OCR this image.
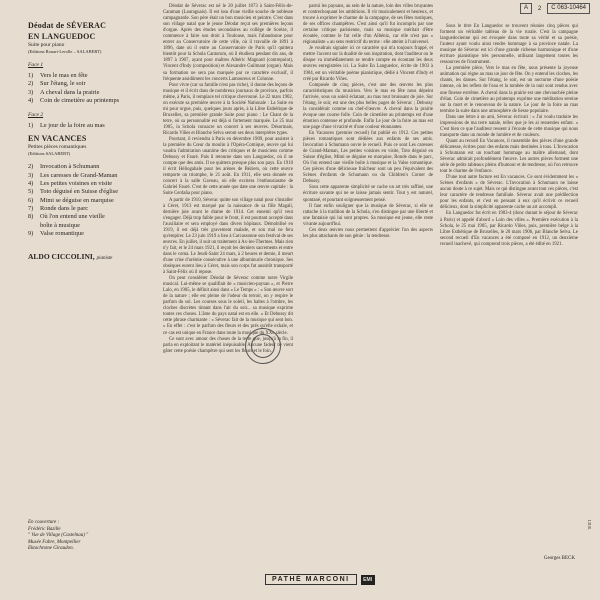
A	2	C 063-10464
Déodat de SÉVERAC
EN LANGUEDOC
Suite pour piano
(Editions Rouart-Lerolle – SALABERT)
Face 1
1)	Vers le mas en fête
2)	Sur l'étang, le soir
3)	A cheval dans la prairie
4)	Coin de cimetière au printemps
Face 2
1)	Le jour de la foire au mas
EN VACANCES
Petites pièces romantiques
(Editions SALABERT)
2)	Invocation à Schumann
3)	Les caresses de Grand-Maman
4)	Les petites voisines en visite
5)	Toto déguisé en Suisse d'église
6)	Mimi se déguise en marquise
7)	Ronde dans le parc
8)	Où l'on entend une vieille
boîte à musique
9)	Valse romantique
ALDO CICCOLINI, pianiste
En couverture :
Frédéric Bazille
" Vue de Village (Castelnau) "
Musée Fabre, Montpellier
Ektachrome Giraudon.

Déodat de Séverac est né le 20 juillet 1873 à Saint-Félix-de-Caraman (Lauraguais). Il est issu d'une vieille souche de noblesse campagnarde. Son père était un bon musicien et peintre. C'est dans son village natal que le jeune Déodat reçut ses premières leçons d'orgue. Après des études secondaires au collège de Sorèze, il commence à faire son droit à Toulouse, mais l'abandonne pour entrer au Conservatoire de cette ville, où il travaille de 1891 à 1896, date où il entre au Conservatoire de Paris qu'il quittera bientôt pour la Schola Cantorum, où il étudiera pendant dix ans, de 1897 à 1907, ayant pour maîtres Albéric Magnard (contrepoint), Vincent d'Indy (composition) et Alexandre Guilmant (orgue). Mais sa formation ne sera pas marquée par ce caractère exclusif, il fréquente assidûment les concerts Lamoureux et Colonne.

Pour vivre (car sa famille n'est pas riche), il donne des leçons de musique et il écrit dans de nombreux journaux de province, parfois même, à Paris, il remplace tel critique chevronné. Le 22 mars 1902, on exécute sa première œuvre à la Société Nationale : La Suite en mi pour orgue, puis, quelques jours après, à la Libre Esthétique de Bruxelles, sa première grande Suite pour piano : Le Chant de la terre, où sa personnalité est déjà si fortement marquée. Le 25 mai 1905, la Schola consacre un concert à ses œuvres. Désormais, Ricardo Viñes et Blanche Selva seront ses deux interprètes types.

Pourtant, il reviendra à Paris en décembre 1909, pour assister à la première du Cœur du moulin à l'Opéra-Comique, œuvre qui lui vaudra l'admiration unanime des critiques et de musiciens comme Debussy et Fauré. Pais il retourne dans son Languedoc, où il ne compte que des amis. Il ne quittera presque plus son pays. En 1910 il écrit Héliogabale pour les arènes de Béziers, où cette œuvre remporte un triomphe, le 21 août. En 1911, elle sera donnée en concert à la salle Gaveau, où elle excitera l'enthousiasme de Gabriel Fauré. C'est de cette année que date une œuvre capitale : la Suite Cerdaña pour piano.

A partir de 1910, Séverac quitte son village natal pour s'installer à Céret, 1913 est marqué par la naissance de sa fille Magali, dernière joie avant le drame de 1914. Cet ennemi qu'il veut s'engager. Déjà trop faible pour le front, il est pourtant accepté dans l'auxiliaire et sera employé dans divers hôpitaux. Démobilisé en 1919, il est déjà très gravement malade, et son mal ne fera qu'empirer. Le 23 juin 1919 a lieu à Carcassonne son festival de ses œuvres. En juillet, il suit un traitement à Ax-les-Thermes. Mais rien n'y fait, et le 24 mars 1921, il reçoit les derniers sacrements et entre dans le coma. Le Jeudi-Saint 24 mars, à 2 heures et demie, il meurt d'une crise d'urémie consécutive à une albuminurie chronique. Ses obsèques eurent lieu à Céret, mais son corps fut aussitôt transporté à Saint-Félix où il repose.

On peut considérer Déodat de Séverac comme notre Virgile musical. Lui-même se qualifiait de « musicien-paysan », et Pierre Lalo, en 1905, le définit ainsi dans « Le Temps » : « Son œuvre sort de la nature ; elle est pleine de l'odeur du terroir, on y respire le parfum du sol. Les courses sous le soleil, les haltes à l'ombre, les cloches discrètes tintant dans l'air du soir... sa musique exprime toutes ces choses. L'âme du pays natal est en elle. » Et Debussy dit cette phrase charmante : « Séverac fait de la musique qui sent bon. » En effet : c'est le parfum des fleurs et des prés qu'elle exhale, et ce cas est unique en France dans toute la musique du XXe siècle.

Ce sont avec amour des choses de la terre que, jusqu'à la fin, il parla en exploitant le matériel inépuisable. Aucune fadeur ne vient gâter cette poésie champêtre qui sent les fleurs et le foin.

parmi les paysans, au sein de la nature, loin des villes bruyantes et contrechoquant les ambitions. Il vit musicalement et heureux, et trouve à exprimer le charme de la campagne, de ses fêtes rustiques, de ses offices champêtres. C'est ainsi qu'il fut incompris par une certaine critique parisienne, mais sa musique méritait d'être écoutée, comme le fut celle d'un Albéniz, car elle n'est pas « régionaliste » au sens restrictif du terme : elle atteint à l'universel.

Je voudrais signaler ici ce caractère qui m'a toujours frappé, et mettre l'accent sur la dualité de son inspiration, dont l'auditeur ou le disque va immédiatement se rendre compte en écoutant les deux œuvres enregistrées ici. La Suite En Languedoc, écrite de 1903 à 1904, est un véritable poème pianistique, dédié à Vincent d'Indy et créé par Ricardo Viñes.

Composée de cinq pièces, c'est une des œuvres les plus caractéristiques du musicien. Vers le mas en fête nous dépeint l'arrivée, sous un soleil éclatant, au mas tout bruissant de joie. Sur l'étang, le soir, est une des plus belles pages de Séverac ; Debussy la considérait comme un chef-d'œuvre. A cheval dans la prairie évoque une course folle. Coin de cimetière au printemps est d'une émotion contenue et profonde. Enfin Le jour de la foire au mas est une page d'une vivacité et d'une couleur étonnantes.

En Vacances (premier recueil) fut publié en 1912. Ces petites pièces romantiques sont dédiées aux enfants de ses amis. Invocation à Schumann ouvre le recueil. Puis ce sont Les caresses de Grand-Maman, Les petites voisines en visite, Toto déguisé en Suisse d'église, Mimi se déguise en marquise, Ronde dans le parc, Où l'on entend une vieille boîte à musique et la Valse romantique. Ces pièces d'une délicieuse fraîcheur sont un peu l'équivalent des Scènes d'enfants de Schumann ou du Children's Corner de Debussy.

Sous cette apparente simplicité se cache un art très raffiné, une écriture savante qui ne se laisse jamais sentir. Tout y est naturel, spontané, et pourtant soigneusement pensé.

Il faut enfin souligner que la musique de Séverac, si elle se rattache à la tradition de la Schola, s'en distingue par une liberté et une fantaisie qui lui sont propres. Sa musique est jeune, elle reste vivante aujourd'hui.

Ces deux œuvres nous permettent d'apprécier l'un des aspects les plus attachants de son génie : la tendresse.

Sous le titre En Languedoc se trouvent réunies cinq pièces qui forment un véritable tableau de la vie rurale. C'est la campagne languedocienne qui est évoquée dans toute sa vérité et sa poésie, l'auteur ayant voulu ainsi rendre hommage à sa province natale. La musique de Séverac est ici d'une grande richesse harmonique et d'une écriture pianistique très personnelle, utilisant largement toutes les ressources de l'instrument.

La première pièce, Vers le mas en fête, nous présente la joyeuse animation qui règne au mas un jour de fête. On y entend les cloches, les chants, les danses. Sur l'étang, le soir, est un nocturne d'une poésie intense, où les reflets de l'eau et la tombée de la nuit sont rendus avec une finesse extrême. A cheval dans la prairie est une chevauchée pleine d'élan. Coin de cimetière au printemps exprime une méditation sereine sur la mort et le renouveau de la nature. Le jour de la foire au mas termine la suite dans une atmosphère de liesse populaire.

Dans une lettre à un ami, Séverac écrivait : « J'ai voulu traduire les impressions de ma terre natale, telles que je les ai ressenties enfant. » C'est bien ce que l'auditeur ressent à l'écoute de cette musique qui nous transporte dans un monde de lumière et de couleurs.

Quant au recueil En Vacances, il rassemble des pièces d'une grande délicatesse, écrites pour des enfants mais destinées à tous. L'Invocation à Schumann est un touchant hommage au maître allemand, dont Séverac admirait profondément l'œuvre. Les autres pièces forment une série de petits tableaux pleins d'humour et de tendresse, où l'on retrouve tout le charme de l'enfance.

D'une tout autre facture est En vacances. Ce sont évidemment les « Scènes d'enfants » de Séverac. L'Invocation à Schumann ne laisse aucun doute à ce sujet. Mais ce qui distingue avant tout ces pièces, c'est leur caractère de tendresse familiale. Séverac avait une prédilection pour les enfants, et c'est en pensant à eux qu'il écrivit ce recueil délicieux, dont la simplicité apparente cache un art accompli.

En Languedoc fut écrit en 1903-4 (donc durant le séjour de Séverac à Paris) et appelé d'abord « Loin des villes ». Première exécution à la Schola, le 25 mai 1905, par Ricardo Viñes, puis, première belge à la Libre Esthétique de Bruxelles, le 20 mars 1906, par Blanche Selva. Le second recueil d'En vacances a été composé en 1912, un deuxième recueil inachevé, qui comprend trois pièces, a été édité en 1921.

Georges BECK
I.D.R.
PATHÉ MARCONI	EMI
